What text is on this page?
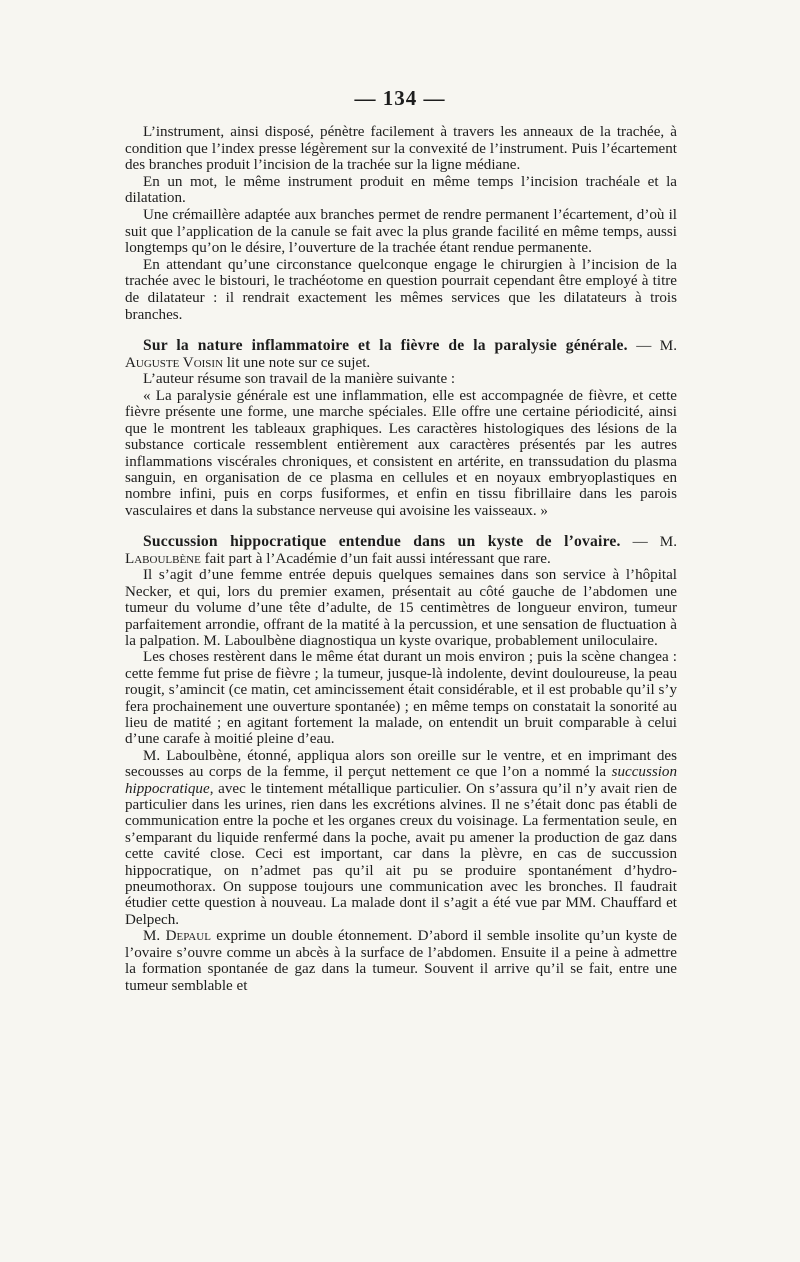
— 134 —

L’instrument, ainsi disposé, pénètre facilement à travers les anneaux de la trachée, à condition que l’index presse légèrement sur la convexité de l’instrument. Puis l’écartement des branches produit l’incision de la trachée sur la ligne médiane.

En un mot, le même instrument produit en même temps l’incision trachéale et la dilatation.

Une crémaillère adaptée aux branches permet de rendre permanent l’écartement, d’où il suit que l’application de la canule se fait avec la plus grande facilité en même temps, aussi longtemps qu’on le désire, l’ouverture de la trachée étant rendue permanente.

En attendant qu’une circonstance quelconque engage le chirurgien à l’incision de la trachée avec le bistouri, le trachéotome en question pourrait cependant être employé à titre de dilatateur : il rendrait exactement les mêmes services que les dilatateurs à trois branches.

Sur la nature inflammatoire et la fièvre de la paralysie générale. — M. Auguste Voisin lit une note sur ce sujet.

L’auteur résume son travail de la manière suivante :

« La paralysie générale est une inflammation, elle est accompagnée de fièvre, et cette fièvre présente une forme, une marche spéciales. Elle offre une certaine périodicité, ainsi que le montrent les tableaux graphiques. Les caractères histologiques des lésions de la substance corticale ressemblent entièrement aux caractères présentés par les autres inflammations viscérales chroniques, et consistent en artérite, en transsudation du plasma sanguin, en organisation de ce plasma en cellules et en noyaux embryoplastiques en nombre infini, puis en corps fusiformes, et enfin en tissu fibrillaire dans les parois vasculaires et dans la substance nerveuse qui avoisine les vaisseaux. »

Succussion hippocratique entendue dans un kyste de l’ovaire. — M. Laboulbène fait part à l’Académie d’un fait aussi intéressant que rare.

Il s’agit d’une femme entrée depuis quelques semaines dans son service à l’hôpital Necker, et qui, lors du premier examen, présentait au côté gauche de l’abdomen une tumeur du volume d’une tête d’adulte, de 15 centimètres de longueur environ, tumeur parfaitement arrondie, offrant de la matité à la percussion, et une sensation de fluctuation à la palpation. M. Laboulbène diagnostiqua un kyste ovarique, probablement uniloculaire.

Les choses restèrent dans le même état durant un mois environ ; puis la scène changea : cette femme fut prise de fièvre ; la tumeur, jusque-là indolente, devint douloureuse, la peau rougit, s’amincit (ce matin, cet amincissement était considérable, et il est probable qu’il s’y fera prochainement une ouverture spontanée) ; en même temps on constatait la sonorité au lieu de matité ; en agitant fortement la malade, on entendit un bruit comparable à celui d’une carafe à moitié pleine d’eau.

M. Laboulbène, étonné, appliqua alors son oreille sur le ventre, et en imprimant des secousses au corps de la femme, il perçut nettement ce que l’on a nommé la succussion hippocratique, avec le tintement métallique particulier. On s’assura qu’il n’y avait rien de particulier dans les urines, rien dans les excrétions alvines. Il ne s’était donc pas établi de communication entre la poche et les organes creux du voisinage. La fermentation seule, en s’emparant du liquide renfermé dans la poche, avait pu amener la production de gaz dans cette cavité close. Ceci est important, car dans la plèvre, en cas de succussion hippocratique, on n’admet pas qu’il ait pu se produire spontanément d’hydro-pneumothorax. On suppose toujours une communication avec les bronches. Il faudrait étudier cette question à nouveau. La malade dont il s’agit a été vue par MM. Chauffard et Delpech.

M. Depaul exprime un double étonnement. D’abord il semble insolite qu’un kyste de l’ovaire s’ouvre comme un abcès à la surface de l’abdomen. Ensuite il a peine à admettre la formation spontanée de gaz dans la tumeur. Souvent il arrive qu’il se fait, entre une tumeur semblable et
